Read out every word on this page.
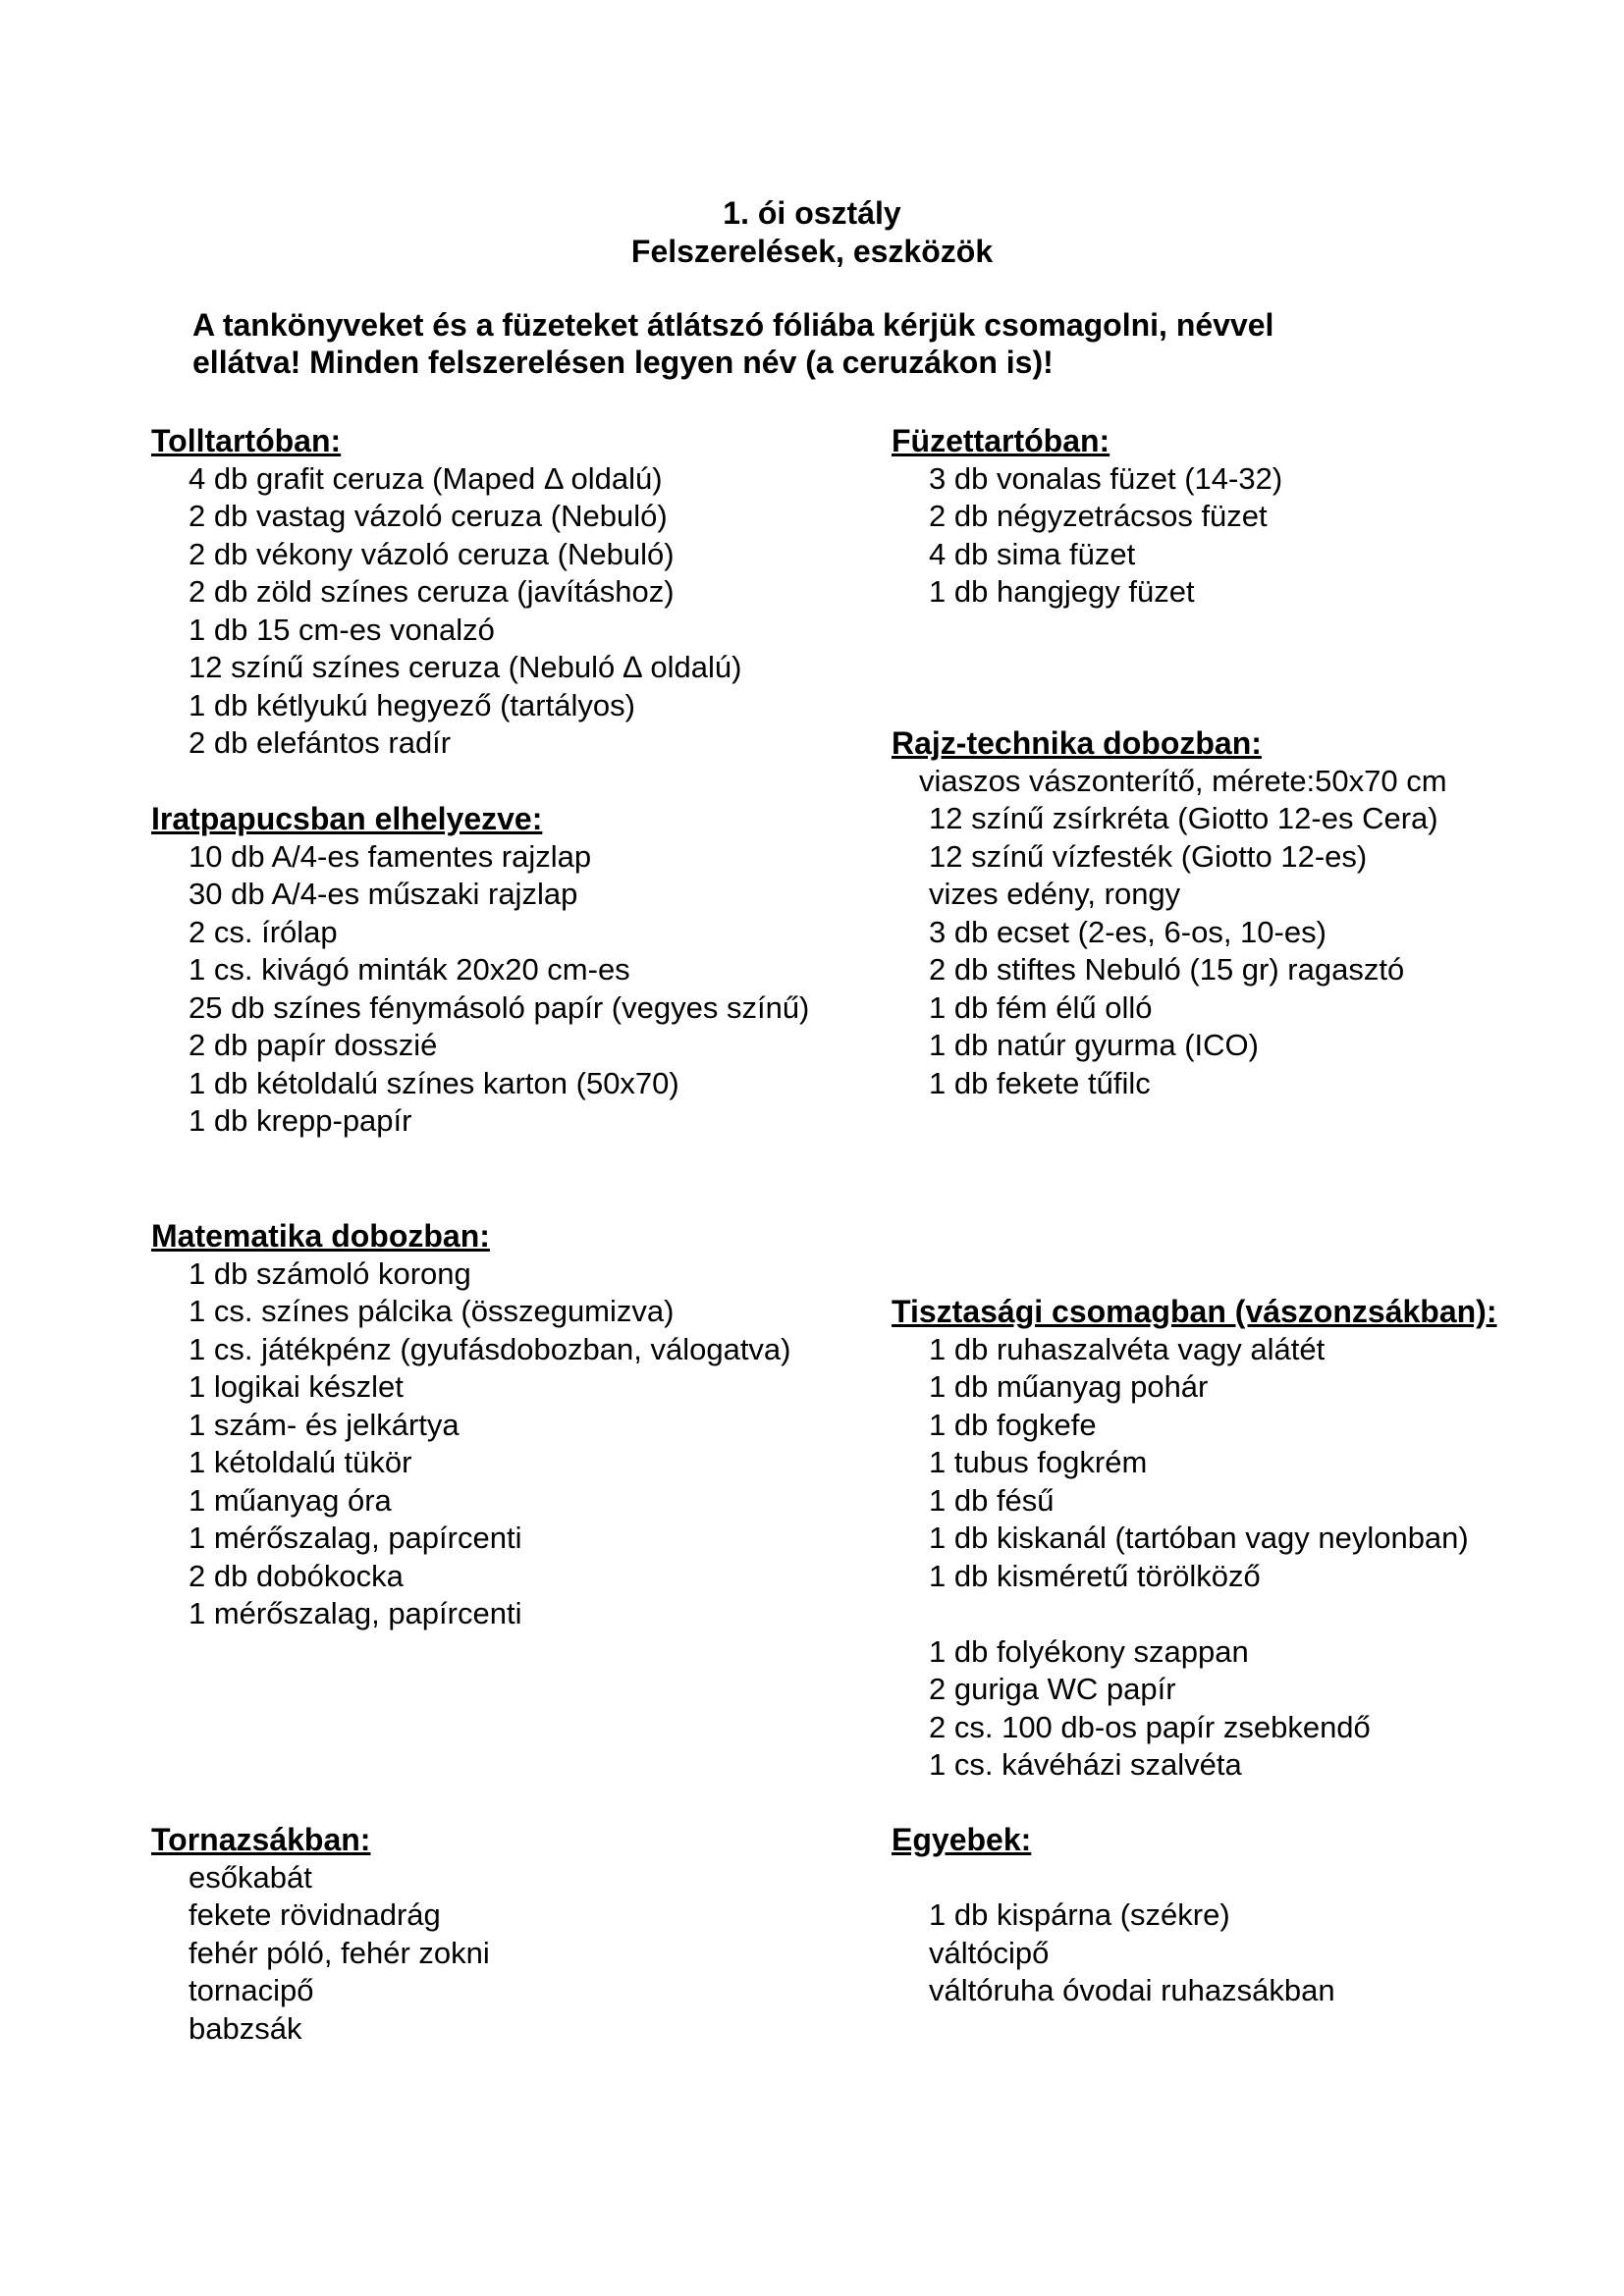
1. ói osztály
Felszerelések, eszközök
A tankönyveket és a füzeteket átlátszó fóliába kérjük csomagolni, névvel
ellátva! Minden felszerelésen legyen név (a ceruzákon is)!
Tolltartóban:
4 db grafit ceruza (Maped Δ oldalú)
2 db vastag vázoló ceruza (Nebuló)
2 db vékony vázoló ceruza (Nebuló)
2 db zöld színes ceruza (javításhoz)
1 db 15 cm-es vonalzó
12 színű színes ceruza (Nebuló ∆ oldalú)
1 db kétlyukú hegyező (tartályos)
2 db elefántos radír
Iratpapucsban elhelyezve:
10 db A/4-es famentes rajzlap
30 db A/4-es műszaki rajzlap
2 cs. írólap
1 cs. kivágó minták 20x20 cm-es
25 db színes fénymásoló papír (vegyes színű)
2 db papír dosszié
1 db kétoldalú színes karton (50x70)
1 db krepp-papír
Matematika dobozban:
1 db számoló korong
1 cs. színes pálcika (összegumizva)
1 cs. játékpénz (gyufásdobozban, válogatva)
1 logikai készlet
1 szám- és jelkártya
1 kétoldalú tükör
1 műanyag óra
1 mérőszalag, papírcenti
2 db dobókocka
1 mérőszalag, papírcenti
Tornazsákban:
esőkabát
fekete rövidnadrág
fehér póló, fehér zokni
tornacipő
babzsák
Füzettartóban:
3 db vonalas füzet (14-32)
2 db négyzetrácsos füzet
4 db sima füzet
1 db hangjegy füzet
Rajz-technika dobozban:
viaszos vászonterítő, mérete:50x70 cm
12 színű zsírkréta (Giotto 12-es Cera)
12 színű vízfesték (Giotto 12-es)
vizes edény, rongy
3 db ecset (2-es, 6-os, 10-es)
2 db stiftes Nebuló (15 gr) ragasztó
1 db fém élű olló
1 db natúr gyurma (ICO)
1 db fekete tűfilc
Tisztasági csomagban (vászonzsákban):
1 db ruhaszalvéta vagy alátét
1 db műanyag pohár
1 db fogkefe
1 tubus fogkrém
1 db fésű
1 db kiskanál (tartóban vagy neylonban)
1 db kisméretű törölköző
1 db folyékony szappan
2 guriga WC papír
2 cs. 100 db-os papír zsebkendő
1 cs. kávéházi szalvéta
Egyebek:
1 db kispárna (székre)
váltócipő
váltóruha óvodai ruhazsákban
